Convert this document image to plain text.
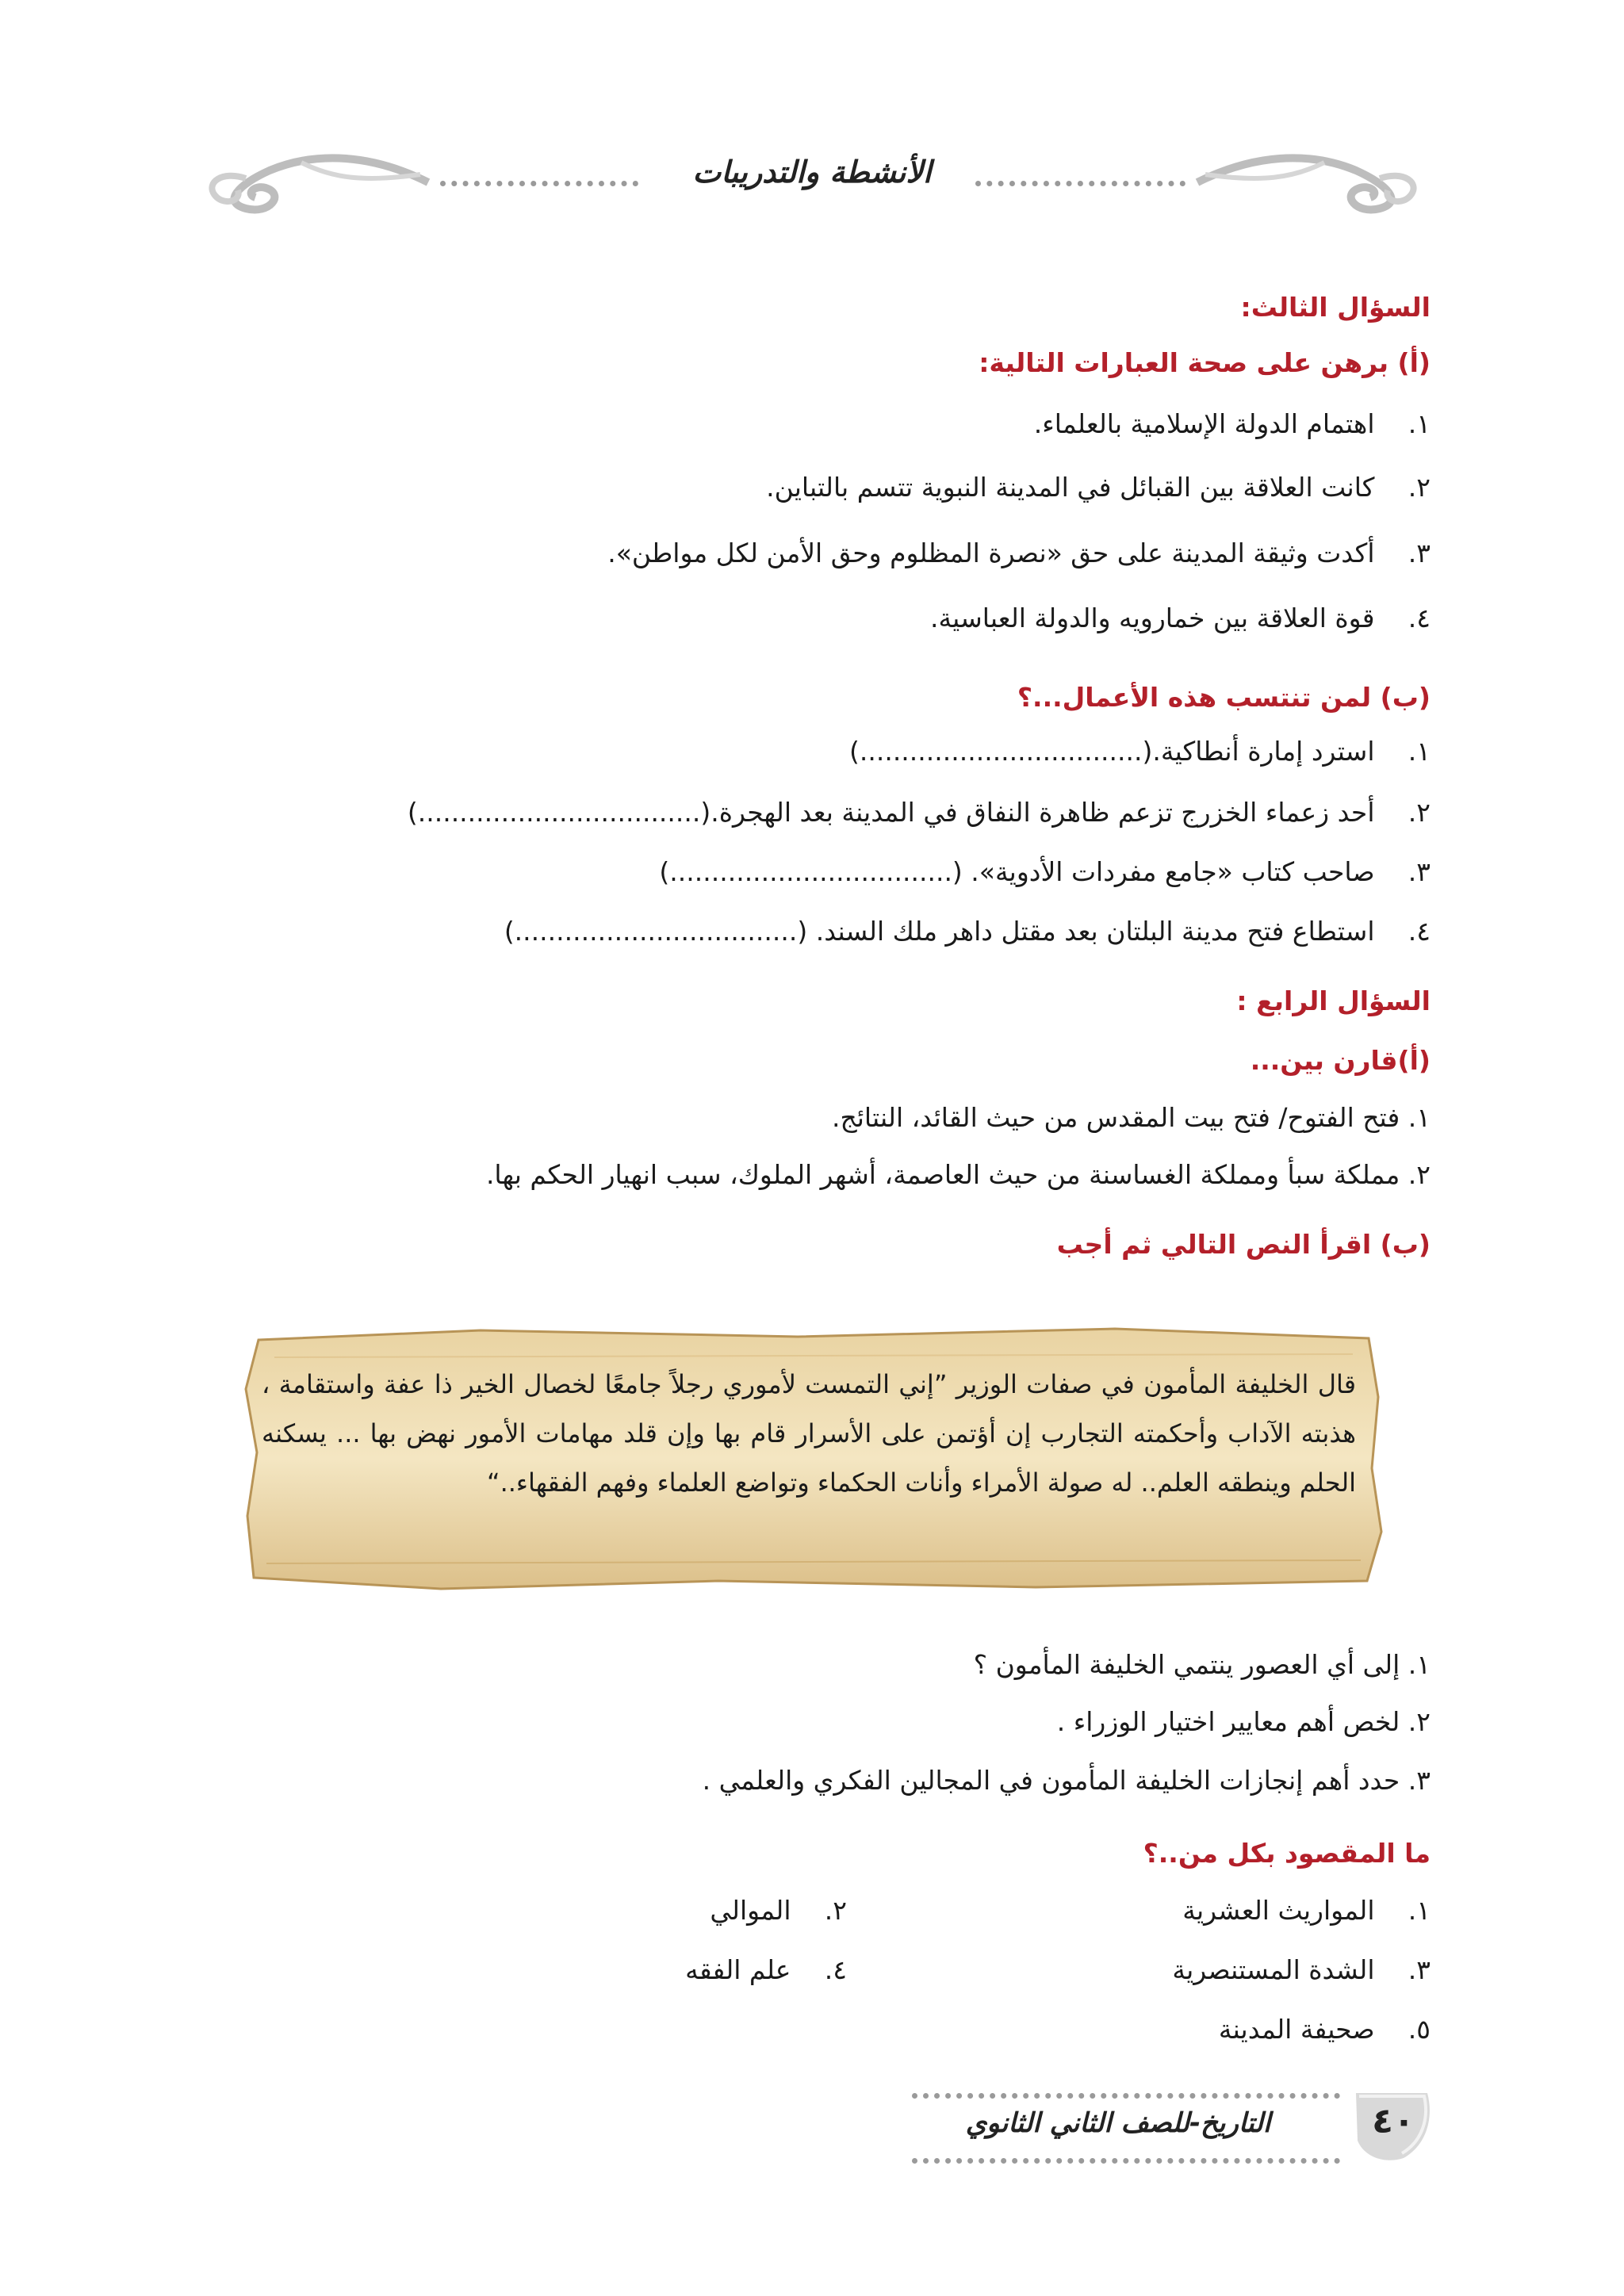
الأنشطة والتدريبات
السؤال الثالث:
(أ) برهن على صحة العبارات التالية:
١. اهتمام الدولة الإسلامية بالعلماء.
٢. كانت العلاقة بين القبائل في المدينة النبوية تتسم بالتباين.
٣. أكدت وثيقة المدينة على حق «نصرة المظلوم وحق الأمن لكل مواطن».
٤. قوة العلاقة بين خمارويه والدولة العباسية.
(ب) لمن تنتسب هذه الأعمال...؟
١. استرد إمارة أنطاكية.(..................................)
٢. أحد زعماء الخزرج تزعم ظاهرة النفاق في المدينة بعد الهجرة.(..................................)
٣. صاحب كتاب «جامع مفردات الأدوية». (..................................)
٤. استطاع فتح مدينة البلتان بعد مقتل داهر ملك السند. (..................................)
السؤال الرابع :
(أ)قارن بين...
١. فتح الفتوح/ فتح بيت المقدس من حيث القائد، النتائج.
٢. مملكة سبأ ومملكة الغساسنة من حيث العاصمة، أشهر الملوك، سبب انهيار الحكم بها.
(ب) اقرأ النص التالي ثم أجب
قال الخليفة المأمون في صفات الوزير ”إني التمست لأموري رجلاً جامعًا لخصال الخير ذا عفة واستقامة ، هذبته الآداب وأحكمته التجارب إن أؤتمن على الأسرار قام بها وإن قلد مهامات الأمور نهض بها ... يسكنه الحلم وينطقه العلم.. له صولة الأمراء وأنات الحكماء وتواضع العلماء وفهم الفقهاء..“
١. إلى أي العصور ينتمي الخليفة المأمون ؟
٢. لخص أهم معايير اختيار الوزراء .
٣. حدد أهم إنجازات الخليفة المأمون في المجالين الفكري والعلمي .
ما المقصود بكل من..؟
١. المواريث العشرية
٢. الموالي
٣. الشدة المستنصرية
٤. علم الفقه
٥. صحيفة المدينة
التاريخ-للصف الثاني الثانوي	٤٠
